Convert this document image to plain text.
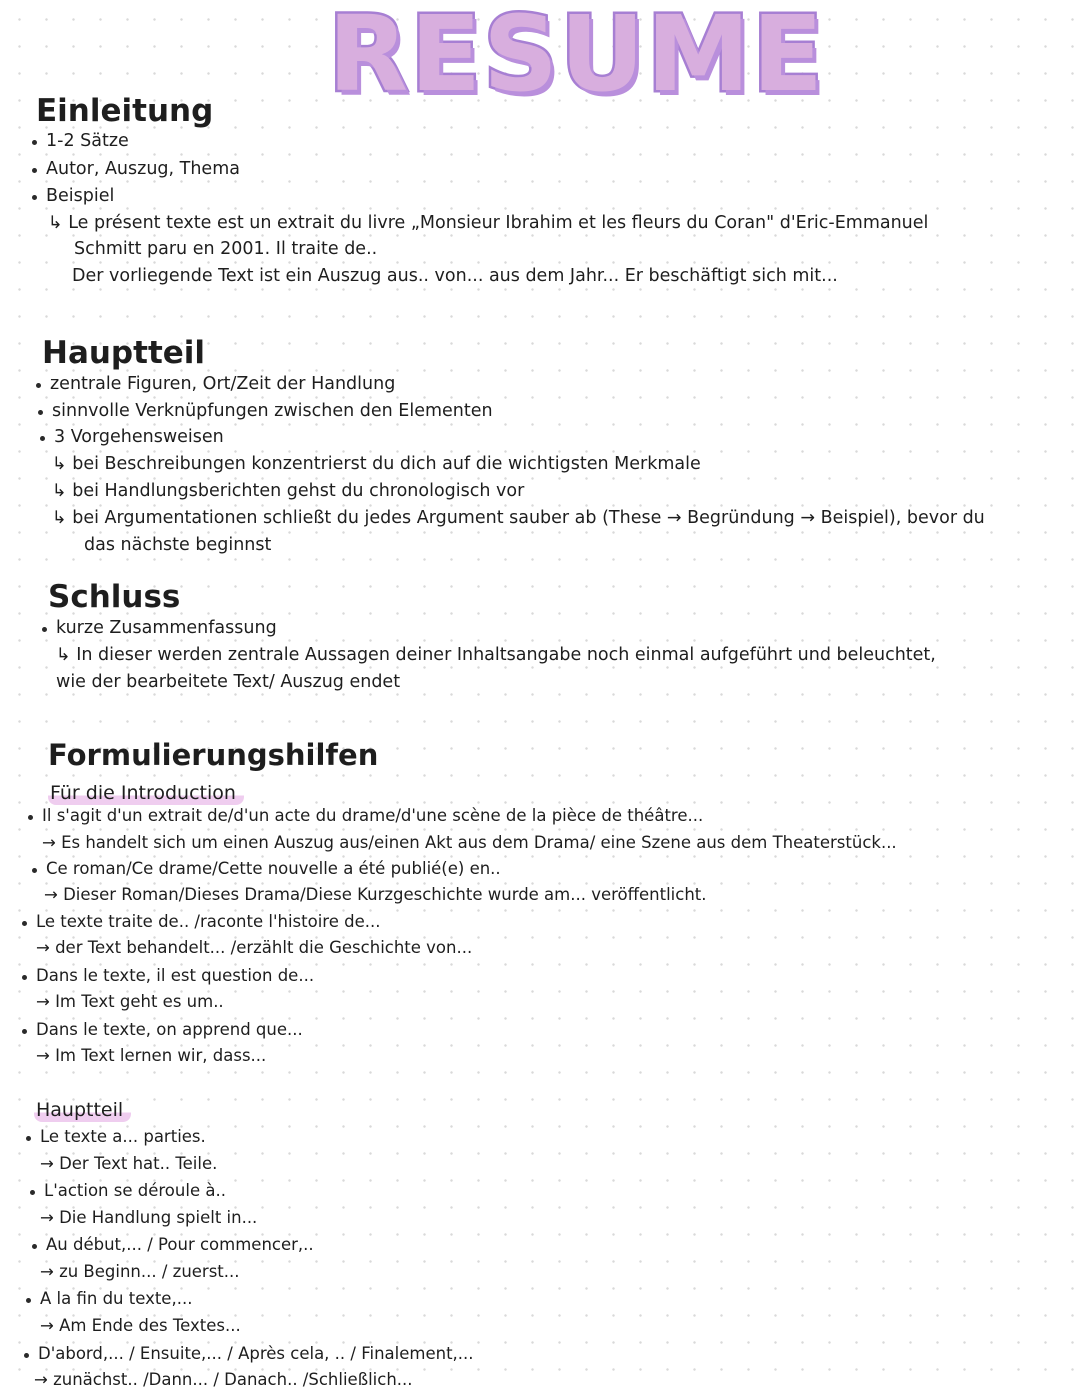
RESUME
Einleitung
1-2 Sätze
Autor, Auszug, Thema
Beispiel
↳ Le présent texte est un extrait du livre „Monsieur Ibrahim et les fleurs du Coran" d'Eric-Emmanuel
Schmitt paru en 2001. Il traite de..
Der vorliegende Text ist ein Auszug aus.. von... aus dem Jahr... Er beschäftigt sich mit...
Hauptteil
zentrale Figuren, Ort/Zeit der Handlung
sinnvolle Verknüpfungen zwischen den Elementen
3 Vorgehensweisen
↳ bei Beschreibungen konzentrierst du dich auf die wichtigsten Merkmale
↳ bei Handlungsberichten gehst du chronologisch vor
↳ bei Argumentationen schließt du jedes Argument sauber ab (These → Begründung → Beispiel), bevor du
das nächste beginnst
Schluss
kurze Zusammenfassung
↳ In dieser werden zentrale Aussagen deiner Inhaltsangabe noch einmal aufgeführt und beleuchtet,
wie der bearbeitete Text/ Auszug endet
Formulierungshilfen
Für die Introduction
Il s'agit d'un extrait de/d'un acte du drame/d'une scène de la pièce de théâtre...
→ Es handelt sich um einen Auszug aus/einen Akt aus dem Drama/ eine Szene aus dem Theaterstück...
Ce roman/Ce drame/Cette nouvelle a été publié(e) en..
→ Dieser Roman/Dieses Drama/Diese Kurzgeschichte wurde am... veröffentlicht.
Le texte traite de.. /raconte l'histoire de...
→ der Text behandelt... /erzählt die Geschichte von...
Dans le texte, il est question de...
→ Im Text geht es um..
Dans le texte, on apprend que...
→ Im Text lernen wir, dass...
Hauptteil
Le texte a... parties.
→ Der Text hat.. Teile.
L'action se déroule à..
→ Die Handlung spielt in...
Au début,... / Pour commencer,..
→ zu Beginn... / zuerst...
A la fin du texte,...
→ Am Ende des Textes...
D'abord,... / Ensuite,... / Après cela, .. / Finalement,...
→ zunächst.. /Dann... / Danach.. /Schließlich...
